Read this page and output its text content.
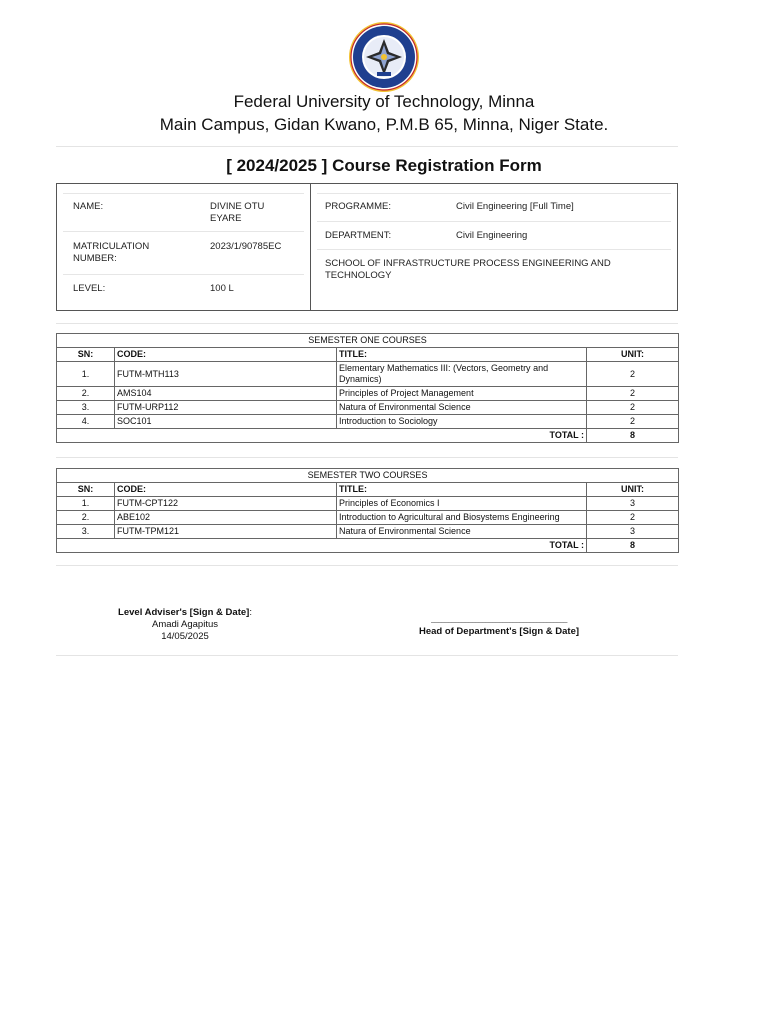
Federal University of Technology, Minna
Main Campus, Gidan Kwano, P.M.B 65, Minna, Niger State.
[ 2024/2025 ] Course Registration Form
NAME:	DIVINE OTU
EYARE
MATRICULATION
NUMBER:
2023/1/90785EC
LEVEL:	100 L
PROGRAMME:	Civil Engineering [Full Time]
DEPARTMENT:	Civil Engineering
SCHOOL OF INFRASTRUCTURE PROCESS ENGINEERING AND
TECHNOLOGY
SEMESTER ONE COURSES			
SN:	CODE:	TITLE:	UNIT:
1.	FUTM-MTH113	Elementary Mathematics III: (Vectors, Geometry and
Dynamics)	2
2.	AMS104	Principles of Project Management	2
3.	FUTM-URP112	Natura of Environmental Science	2
4.	SOC101	Introduction to Sociology	2
TOTAL :			8
SEMESTER TWO COURSES			
SN:	CODE:	TITLE:	UNIT:
1.	FUTM-CPT122	Principles of Economics I	3
2.	ABE102	Introduction to Agricultural and Biosystems Engineering	2
3.	FUTM-TPM121	Natura of Environmental Science	3
TOTAL :			8
Level Adviser's [Sign & Date]:
Amadi Agapitus
14/05/2025
________________________________________
Head of Department's [Sign & Date]
